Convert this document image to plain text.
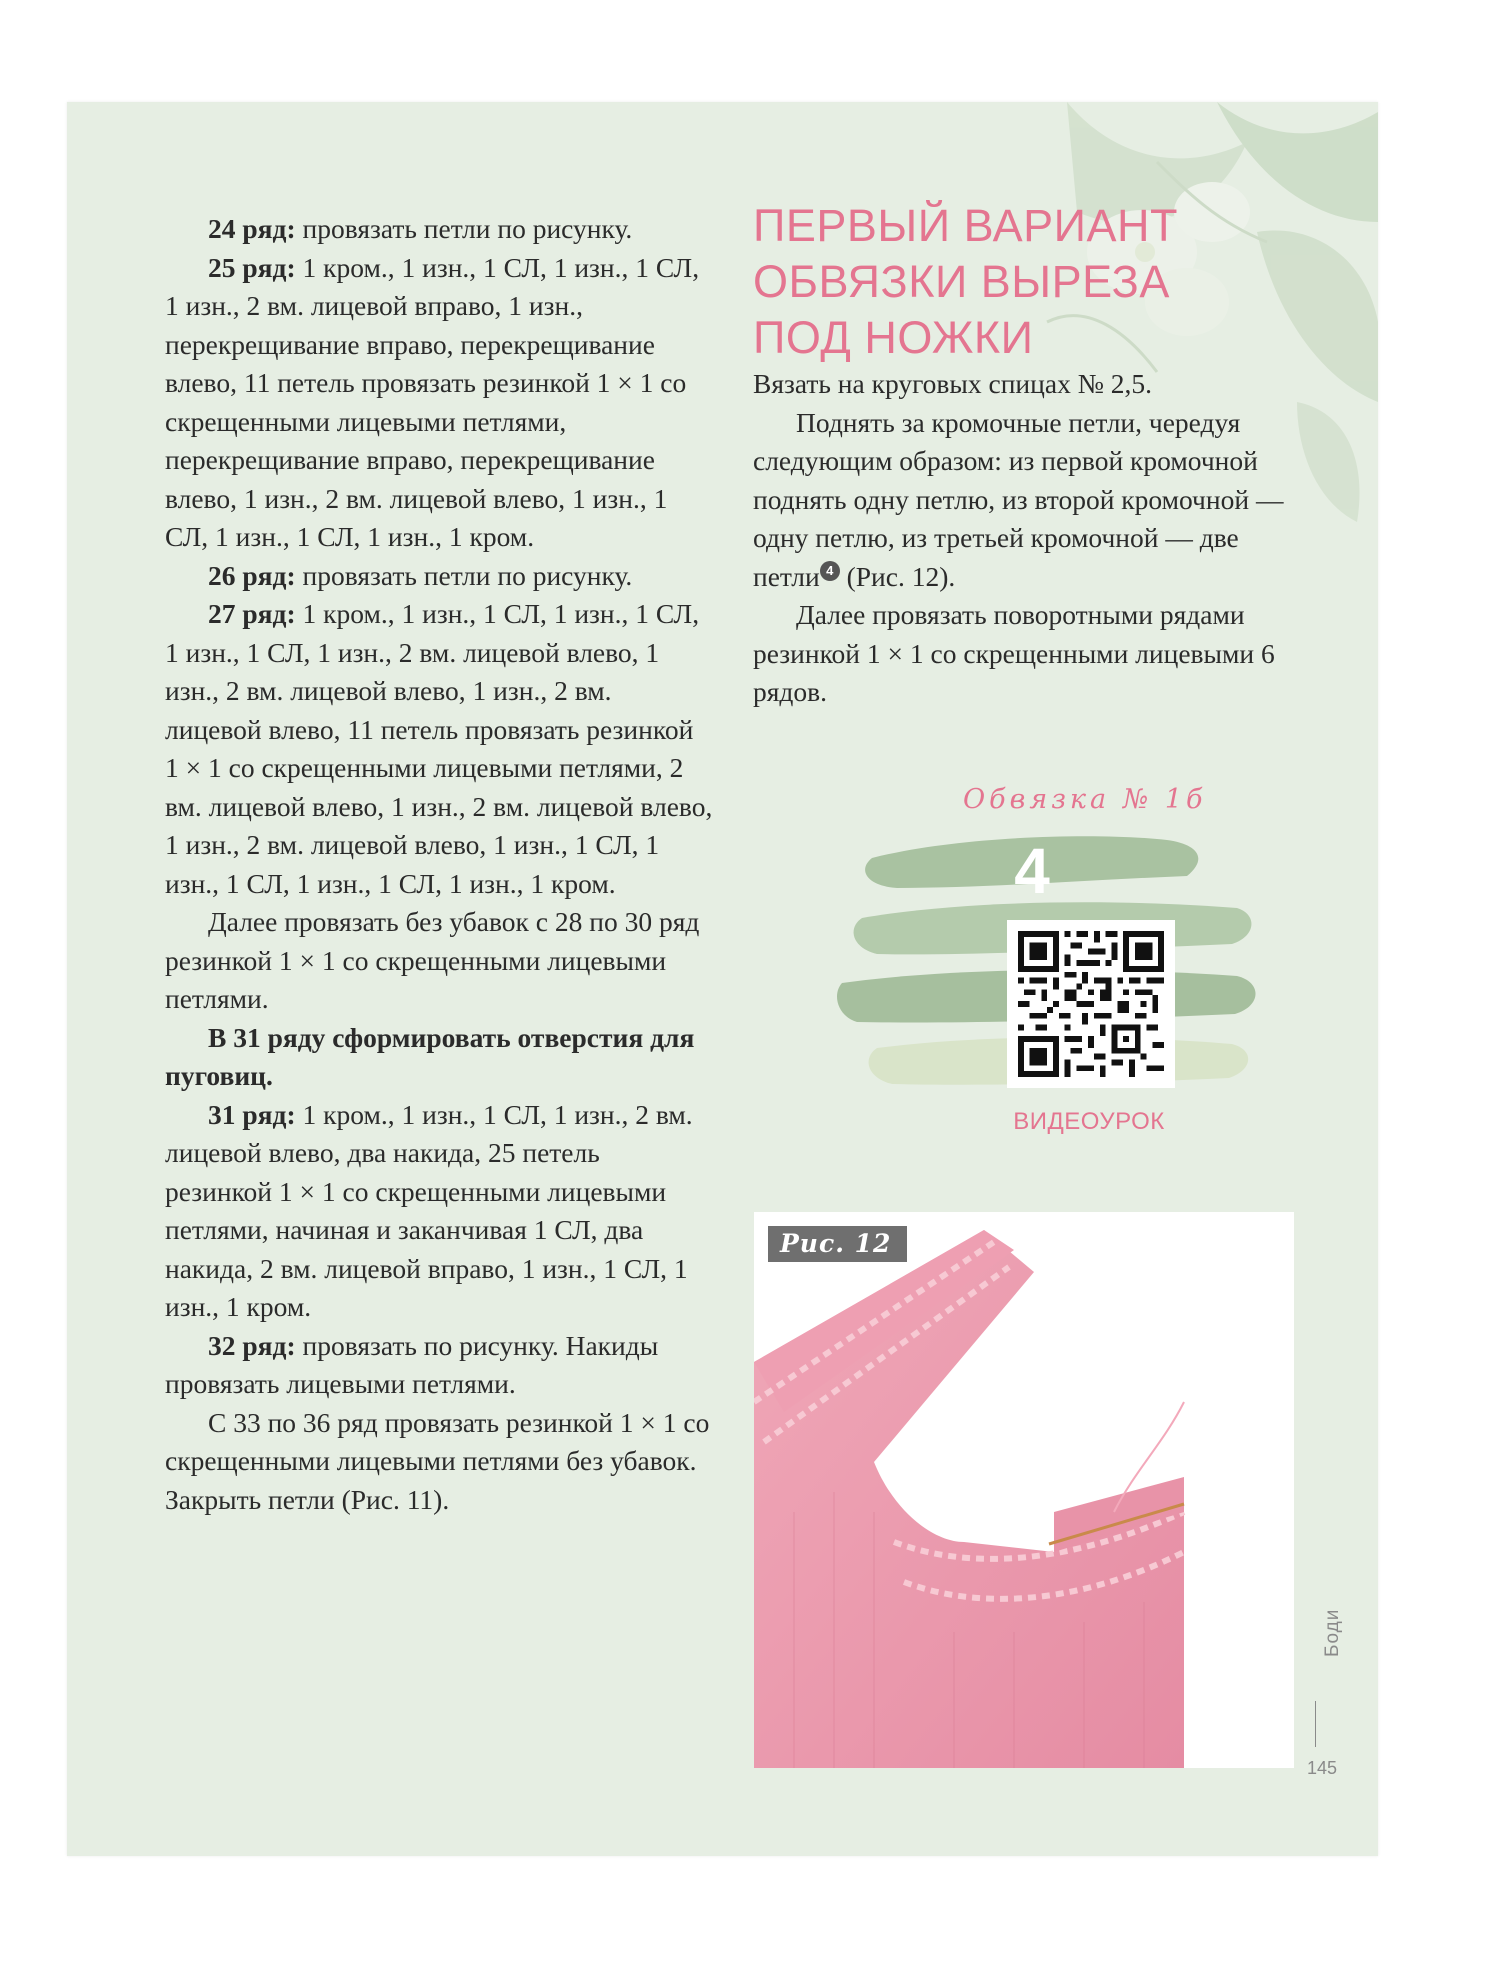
24 ряд: провязать петли по рисунку.

25 ряд: 1 кром., 1 изн., 1 СЛ, 1 изн., 1 СЛ, 1 изн., 2 вм. лицевой вправо, 1 изн., перекрещивание вправо, перекрещивание влево, 11 петель провязать резинкой 1 × 1 со скрещенными лицевыми петлями, перекрещивание вправо, перекрещивание влево, 1 изн., 2 вм. лицевой влево, 1 изн., 1 СЛ, 1 изн., 1 СЛ, 1 изн., 1 кром.

26 ряд: провязать петли по рисунку.

27 ряд: 1 кром., 1 изн., 1 СЛ, 1 изн., 1 СЛ, 1 изн., 1 СЛ, 1 изн., 2 вм. лицевой влево, 1 изн., 2 вм. лицевой влево, 1 изн., 2 вм. лицевой влево, 11 петель провязать резинкой 1 × 1 со скрещенными лицевыми петлями, 2 вм. лицевой влево, 1 изн., 2 вм. лицевой влево, 1 изн., 2 вм. лицевой влево, 1 изн., 1 СЛ, 1 изн., 1 СЛ, 1 изн., 1 СЛ, 1 изн., 1 кром.

Далее провязать без убавок с 28 по 30 ряд резинкой 1 × 1 со скрещенными лицевыми петлями.

В 31 ряду сформировать отверстия для пуговиц.

31 ряд: 1 кром., 1 изн., 1 СЛ, 1 изн., 2 вм. лицевой влево, два накида, 25 петель резинкой 1 × 1 со скрещенными лицевыми петлями, начиная и заканчивая 1 СЛ, два накида, 2 вм. лицевой вправо, 1 изн., 1 СЛ, 1 изн., 1 кром.

32 ряд: провязать по рисунку. Накиды провязать лицевыми петлями.

С 33 по 36 ряд провязать резинкой 1 × 1 со скрещенными лицевыми петлями без убавок. Закрыть петли (Рис. 11).

ПЕРВЫЙ ВАРИАНТ
ОБВЯЗКИ ВЫРЕЗА
ПОД НОЖКИ

Вязать на круговых спицах № 2,5.

Поднять за кромочные петли, чередуя следующим образом: из первой кромочной поднять одну петлю, из второй кромочной — одну петлю, из третьей кромочной — две петли 4 (Рис. 12).

Далее провязать поворотными рядами резинкой 1 × 1 со скрещенными лицевыми 6 рядов.

Обвязка № 1б
4
ВИДЕОУРОК
Рис. 12
Боди
145
